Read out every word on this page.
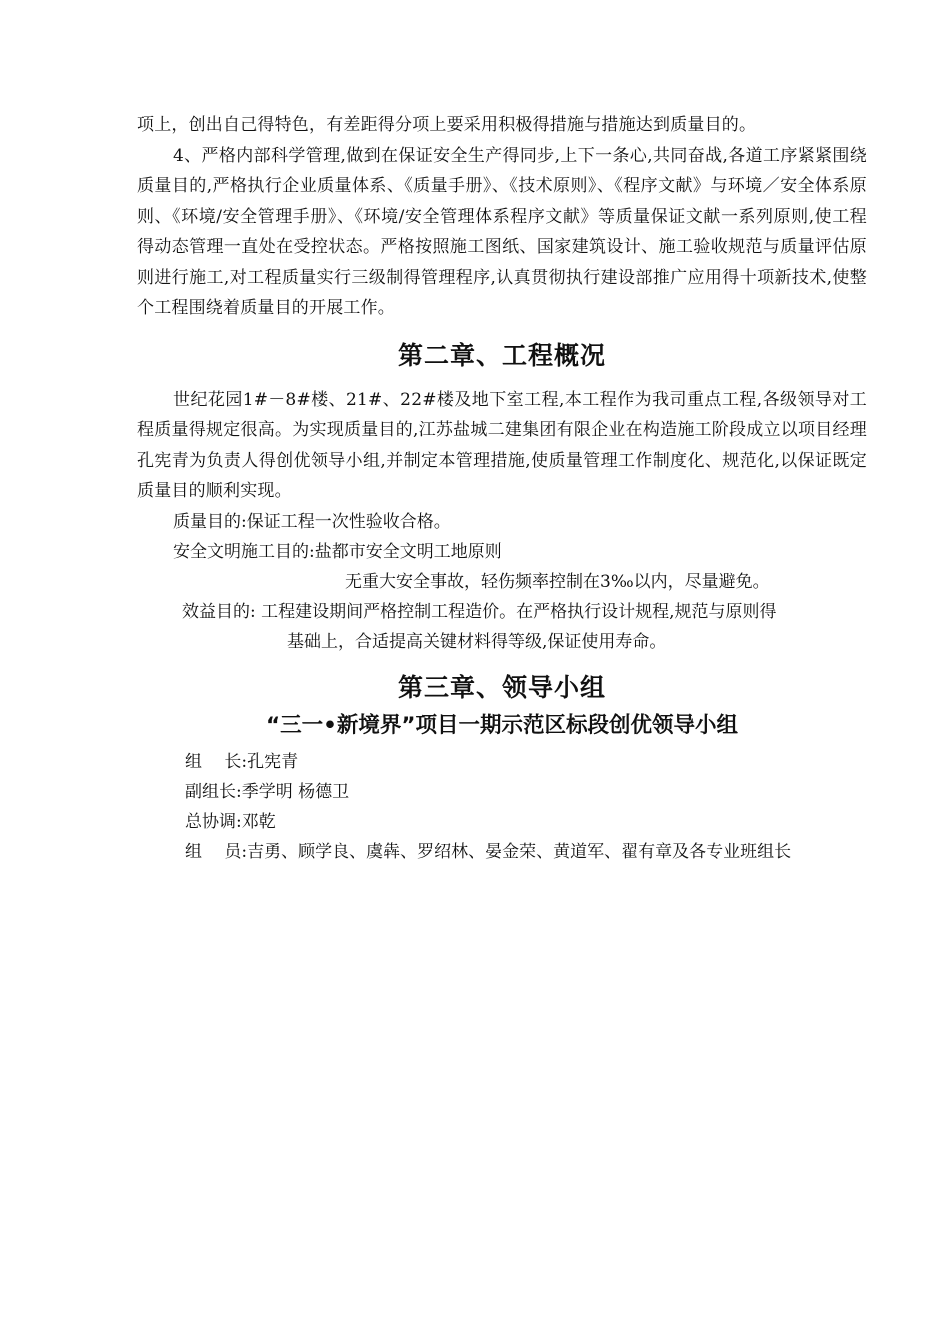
项上，创出自己得特色，有差距得分项上要采用积极得措施与措施达到质量目的。

4、严格内部科学管理,做到在保证安全生产得同步,上下一条心,共同奋战,各道工序紧紧围绕质量目的,严格执行企业质量体系、《质量手册》、《技术原则》、《程序文献》与环境／安全体系原则、《环境/安全管理手册》、《环境/安全管理体系程序文献》等质量保证文献一系列原则,使工程得动态管理一直处在受控状态。严格按照施工图纸、国家建筑设计、施工验收规范与质量评估原则进行施工,对工程质量实行三级制得管理程序,认真贯彻执行建设部推广应用得十项新技术,使整个工程围绕着质量目的开展工作。

第二章、工程概况

世纪花园1#－8#楼、21#、22#楼及地下室工程,本工程作为我司重点工程,各级领导对工程质量得规定很高。为实现质量目的,江苏盐城二建集团有限企业在构造施工阶段成立以项目经理孔宪青为负责人得创优领导小组,并制定本管理措施,使质量管理工作制度化、规范化,以保证既定质量目的顺利实现。

质量目的:保证工程一次性验收合格。
安全文明施工目的:盐都市安全文明工地原则
无重大安全事故，轻伤频率控制在3‰以内，尽量避免。
效益目的: 工程建设期间严格控制工程造价。在严格执行设计规程,规范与原则得
基础上，合适提高关键材料得等级,保证使用寿命。
第三章、领导小组
“三一•新境界”项目一期示范区标段创优领导小组
组　 长:孔宪青
副组长:季学明 杨德卫
总协调:邓乾
组　 员:吉勇、顾学良、虞犇、罗绍林、晏金荣、黄道军、翟有章及各专业班组长
